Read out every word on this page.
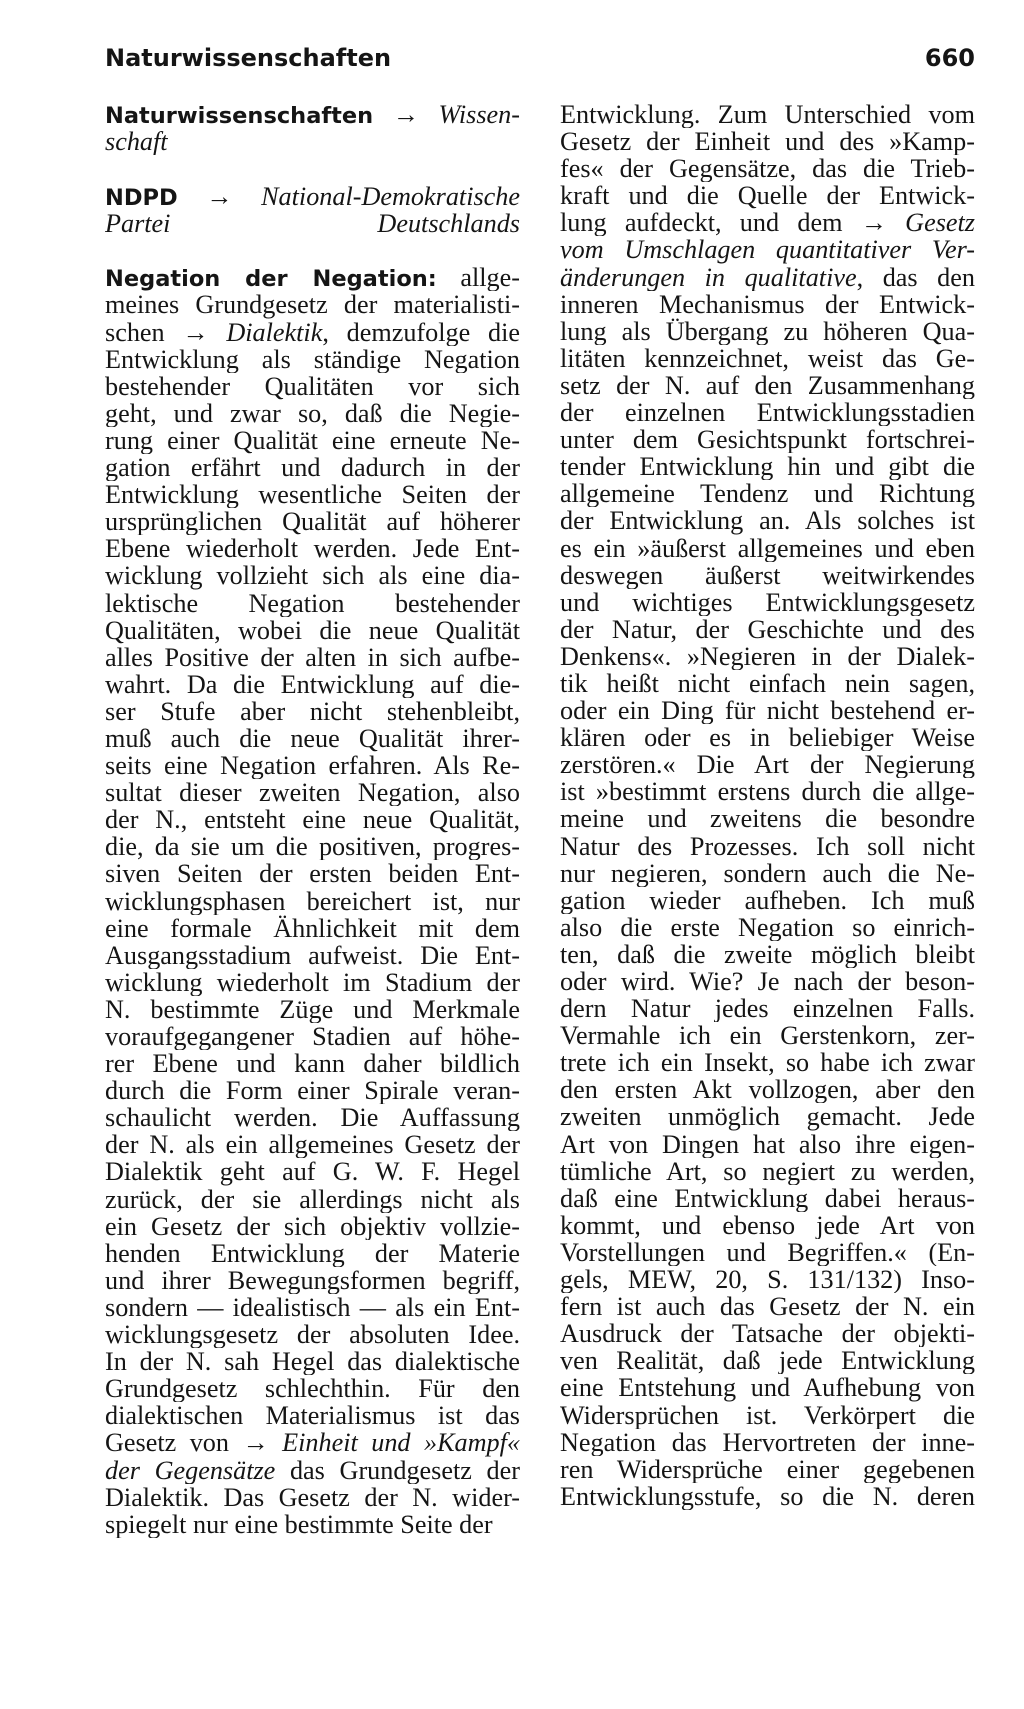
Naturwissenschaften	660
Naturwissenschaften → Wissen-
schaft
NDPD → National-Demokratische
Partei Deutschlands
Negation der Negation: allge-
meines Grundgesetz der materialisti-
schen → Dialektik, demzufolge die
Entwicklung als ständige Negation
bestehender Qualitäten vor sich
geht, und zwar so, daß die Negie-
rung einer Qualität eine erneute Ne-
gation erfährt und dadurch in der
Entwicklung wesentliche Seiten der
ursprünglichen Qualität auf höherer
Ebene wiederholt werden. Jede Ent-
wicklung vollzieht sich als eine dia-
lektische Negation bestehender
Qualitäten, wobei die neue Qualität
alles Positive der alten in sich aufbe-
wahrt. Da die Entwicklung auf die-
ser Stufe aber nicht stehenbleibt,
muß auch die neue Qualität ihrer-
seits eine Negation erfahren. Als Re-
sultat dieser zweiten Negation, also
der N., entsteht eine neue Qualität,
die, da sie um die positiven, progres-
siven Seiten der ersten beiden Ent-
wicklungsphasen bereichert ist, nur
eine formale Ähnlichkeit mit dem
Ausgangsstadium aufweist. Die Ent-
wicklung wiederholt im Stadium der
N. bestimmte Züge und Merkmale
voraufgegangener Stadien auf höhe-
rer Ebene und kann daher bildlich
durch die Form einer Spirale veran-
schaulicht werden. Die Auffassung
der N. als ein allgemeines Gesetz der
Dialektik geht auf G. W. F. Hegel
zurück, der sie allerdings nicht als
ein Gesetz der sich objektiv vollzie-
henden Entwicklung der Materie
und ihrer Bewegungsformen begriff,
sondern — idealistisch — als ein Ent-
wicklungsgesetz der absoluten Idee.
In der N. sah Hegel das dialektische
Grundgesetz schlechthin. Für den
dialektischen Materialismus ist das
Gesetz von → Einheit und »Kampf«
der Gegensätze das Grundgesetz der
Dialektik. Das Gesetz der N. wider-
spiegelt nur eine bestimmte Seite der
Entwicklung. Zum Unterschied vom
Gesetz der Einheit und des »Kamp-
fes« der Gegensätze, das die Trieb-
kraft und die Quelle der Entwick-
lung aufdeckt, und dem → Gesetz
vom Umschlagen quantitativer Ver-
änderungen in qualitative, das den
inneren Mechanismus der Entwick-
lung als Übergang zu höheren Qua-
litäten kennzeichnet, weist das Ge-
setz der N. auf den Zusammenhang
der einzelnen Entwicklungsstadien
unter dem Gesichtspunkt fortschrei-
tender Entwicklung hin und gibt die
allgemeine Tendenz und Richtung
der Entwicklung an. Als solches ist
es ein »äußerst allgemeines und eben
deswegen äußerst weitwirkendes
und wichtiges Entwicklungsgesetz
der Natur, der Geschichte und des
Denkens«. »Negieren in der Dialek-
tik heißt nicht einfach nein sagen,
oder ein Ding für nicht bestehend er-
klären oder es in beliebiger Weise
zerstören.« Die Art der Negierung
ist »bestimmt erstens durch die allge-
meine und zweitens die besondre
Natur des Prozesses. Ich soll nicht
nur negieren, sondern auch die Ne-
gation wieder aufheben. Ich muß
also die erste Negation so einrich-
ten, daß die zweite möglich bleibt
oder wird. Wie? Je nach der beson-
dern Natur jedes einzelnen Falls.
Vermahle ich ein Gerstenkorn, zer-
trete ich ein Insekt, so habe ich zwar
den ersten Akt vollzogen, aber den
zweiten unmöglich gemacht. Jede
Art von Dingen hat also ihre eigen-
tümliche Art, so negiert zu werden,
daß eine Entwicklung dabei heraus-
kommt, und ebenso jede Art von
Vorstellungen und Begriffen.« (En-
gels, MEW, 20, S. 131/132) Inso-
fern ist auch das Gesetz der N. ein
Ausdruck der Tatsache der objekti-
ven Realität, daß jede Entwicklung
eine Entstehung und Aufhebung von
Widersprüchen ist. Verkörpert die
Negation das Hervortreten der inne-
ren Widersprüche einer gegebenen
Entwicklungsstufe, so die N. deren
